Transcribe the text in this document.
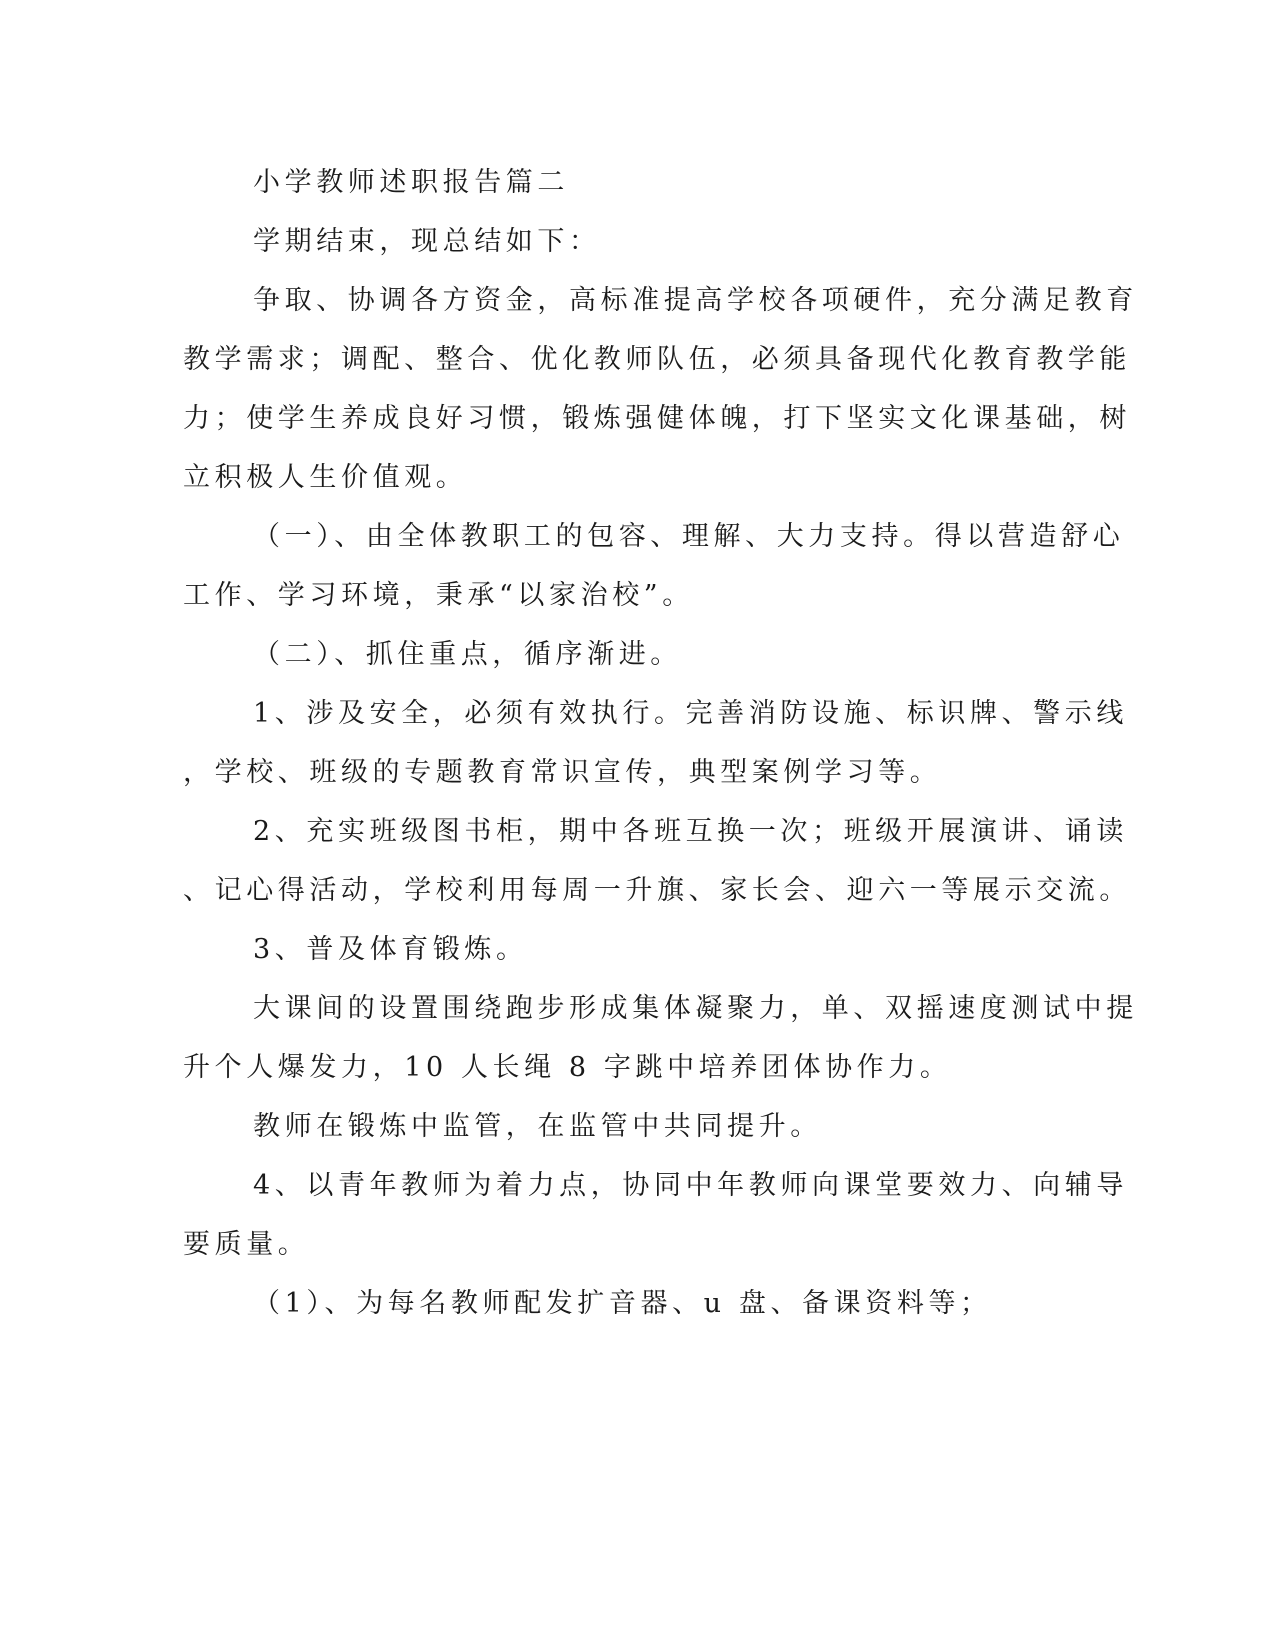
小学教师述职报告篇二
学期结束，现总结如下：
争取、协调各方资金，高标准提高学校各项硬件，充分满足教育
教学需求；调配、整合、优化教师队伍，必须具备现代化教育教学能
力；使学生养成良好习惯，锻炼强健体魄，打下坚实文化课基础，树
立积极人生价值观。
（一）、由全体教职工的包容、理解、大力支持。得以营造舒心
工作、学习环境，秉承“以家治校”。
（二）、抓住重点，循序渐进。
1、涉及安全，必须有效执行。完善消防设施、标识牌、警示线
，学校、班级的专题教育常识宣传，典型案例学习等。
2、充实班级图书柜，期中各班互换一次；班级开展演讲、诵读
、记心得活动，学校利用每周一升旗、家长会、迎六一等展示交流。
3、普及体育锻炼。
大课间的设置围绕跑步形成集体凝聚力，单、双摇速度测试中提
升个人爆发力，10 人长绳 8 字跳中培养团体协作力。
教师在锻炼中监管，在监管中共同提升。
4、以青年教师为着力点，协同中年教师向课堂要效力、向辅导
要质量。
（1）、为每名教师配发扩音器、u 盘、备课资料等；
